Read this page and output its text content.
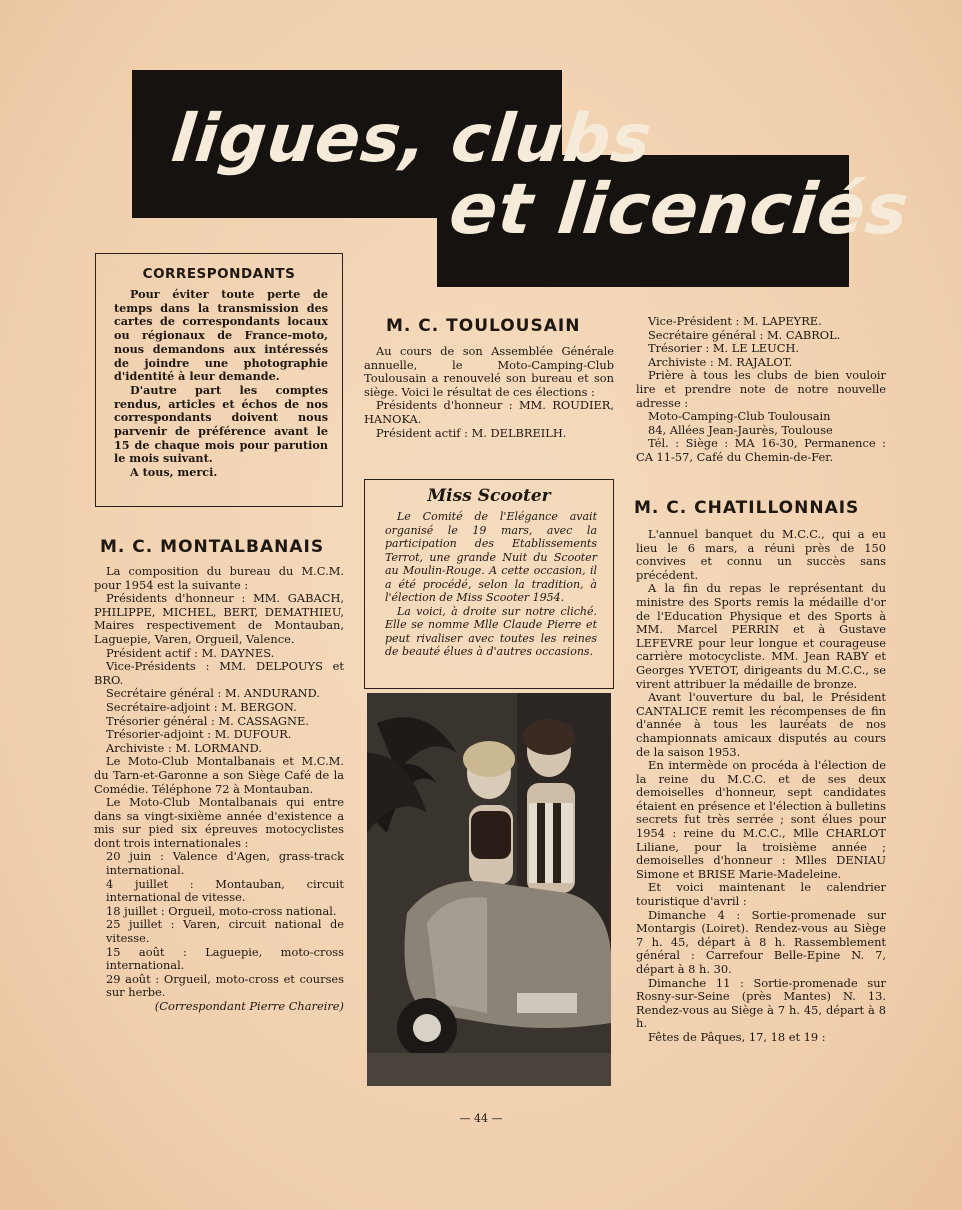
ligues, clubs
et licenciés
CORRESPONDANTS

Pour éviter toute perte de temps dans la transmission des cartes de correspondants locaux ou régionaux de France-moto, nous demandons aux intéressés de joindre une photographie d'identité à leur demande.

D'autre part les comptes rendus, articles et échos de nos correspondants doivent nous parvenir de préférence avant le 15 de chaque mois pour parution le mois suivant.

A tous, merci.

M. C. MONTALBANAIS

La composition du bureau du M.C.M. pour 1954 est la suivante :

Présidents d'honneur : MM. GABACH, PHILIPPE, MICHEL, BERT, DEMATHIEU, Maires respectivement de Montauban, Laguepie, Varen, Orgueil, Valence.

Président actif : M. DAYNES.

Vice-Présidents : MM. DELPOUYS et BRO.

Secrétaire général : M. ANDURAND.

Secrétaire-adjoint : M. BERGON.

Trésorier général : M. CASSAGNE.

Trésorier-adjoint : M. DUFOUR.

Archiviste : M. LORMAND.

Le Moto-Club Montalbanais et M.C.M. du Tarn-et-Garonne a son Siège Café de la Comédie. Téléphone 72 à Montauban.

Le Moto-Club Montalbanais qui entre dans sa vingt-sixième année d'existence a mis sur pied six épreuves motocyclistes dont trois internationales :

20 juin : Valence d'Agen, grass-track international.

4 juillet : Montauban, circuit international de vitesse.

18 juillet : Orgueil, moto-cross national.

25 juillet : Varen, circuit national de vitesse.

15 août : Laguepie, moto-cross international.

29 août : Orgueil, moto-cross et courses sur herbe.

(Correspondant Pierre Chareire)

M. C. TOULOUSAIN

Au cours de son Assemblée Générale annuelle, le Moto-Camping-Club Toulousain a renouvelé son bureau et son siège. Voici le résultat de ces élections :

Présidents d'honneur : MM. ROUDIER, HANOKA.

Président actif : M. DELBREILH.

Miss Scooter

Le Comité de l'Elégance avait organisé le 19 mars, avec la participation des Etablissements Terrot, une grande Nuit du Scooter au Moulin-Rouge. A cette occasion, il a été procédé, selon la tradition, à l'élection de Miss Scooter 1954.

La voici, à droite sur notre cliché. Elle se nomme Mlle Claude Pierre et peut rivaliser avec toutes les reines de beauté élues à d'autres occasions.

M. C. CHATILLONNAIS

Vice-Président : M. LAPEYRE.

Secrétaire général : M. CABROL.

Trésorier : M. LE LEUCH.

Archiviste : M. RAJALOT.

Prière à tous les clubs de bien vouloir lire et prendre note de notre nouvelle adresse :

Moto-Camping-Club Toulousain

84, Allées Jean-Jaurès, Toulouse

Tél. : Siège : MA 16-30, Permanence : CA 11-57, Café du Chemin-de-Fer.

L'annuel banquet du M.C.C., qui a eu lieu le 6 mars, a réuni près de 150 convives et connu un succès sans précédent.

A la fin du repas le représentant du ministre des Sports remis la médaille d'or de l'Education Physique et des Sports à MM. Marcel PERRIN et à Gustave LEFEVRE pour leur longue et courageuse carrière motocycliste. MM. Jean RABY et Georges YVETOT, dirigeants du M.C.C., se virent attribuer la médaille de bronze.

Avant l'ouverture du bal, le Président CANTALICE remit les récompenses de fin d'année à tous les lauréats de nos championnats amicaux disputés au cours de la saison 1953.

En intermède on procéda à l'élection de la reine du M.C.C. et de ses deux demoiselles d'honneur, sept candidates étaient en présence et l'élection à bulletins secrets fut très serrée ; sont élues pour 1954 : reine du M.C.C., Mlle CHARLOT Liliane, pour la troisième année ; demoiselles d'honneur : Mlles DENIAU Simone et BRISE Marie-Madeleine.

Et voici maintenant le calendrier touristique d'avril :

Dimanche 4 : Sortie-promenade sur Montargis (Loiret). Rendez-vous au Siège 7 h. 45, départ à 8 h. Rassemblement général : Carrefour Belle-Epine N. 7, départ à 8 h. 30.

Dimanche 11 : Sortie-promenade sur Rosny-sur-Seine (près Mantes) N. 13. Rendez-vous au Siège à 7 h. 45, départ à 8 h.

Fêtes de Pâques, 17, 18 et 19 :

— 44 —
